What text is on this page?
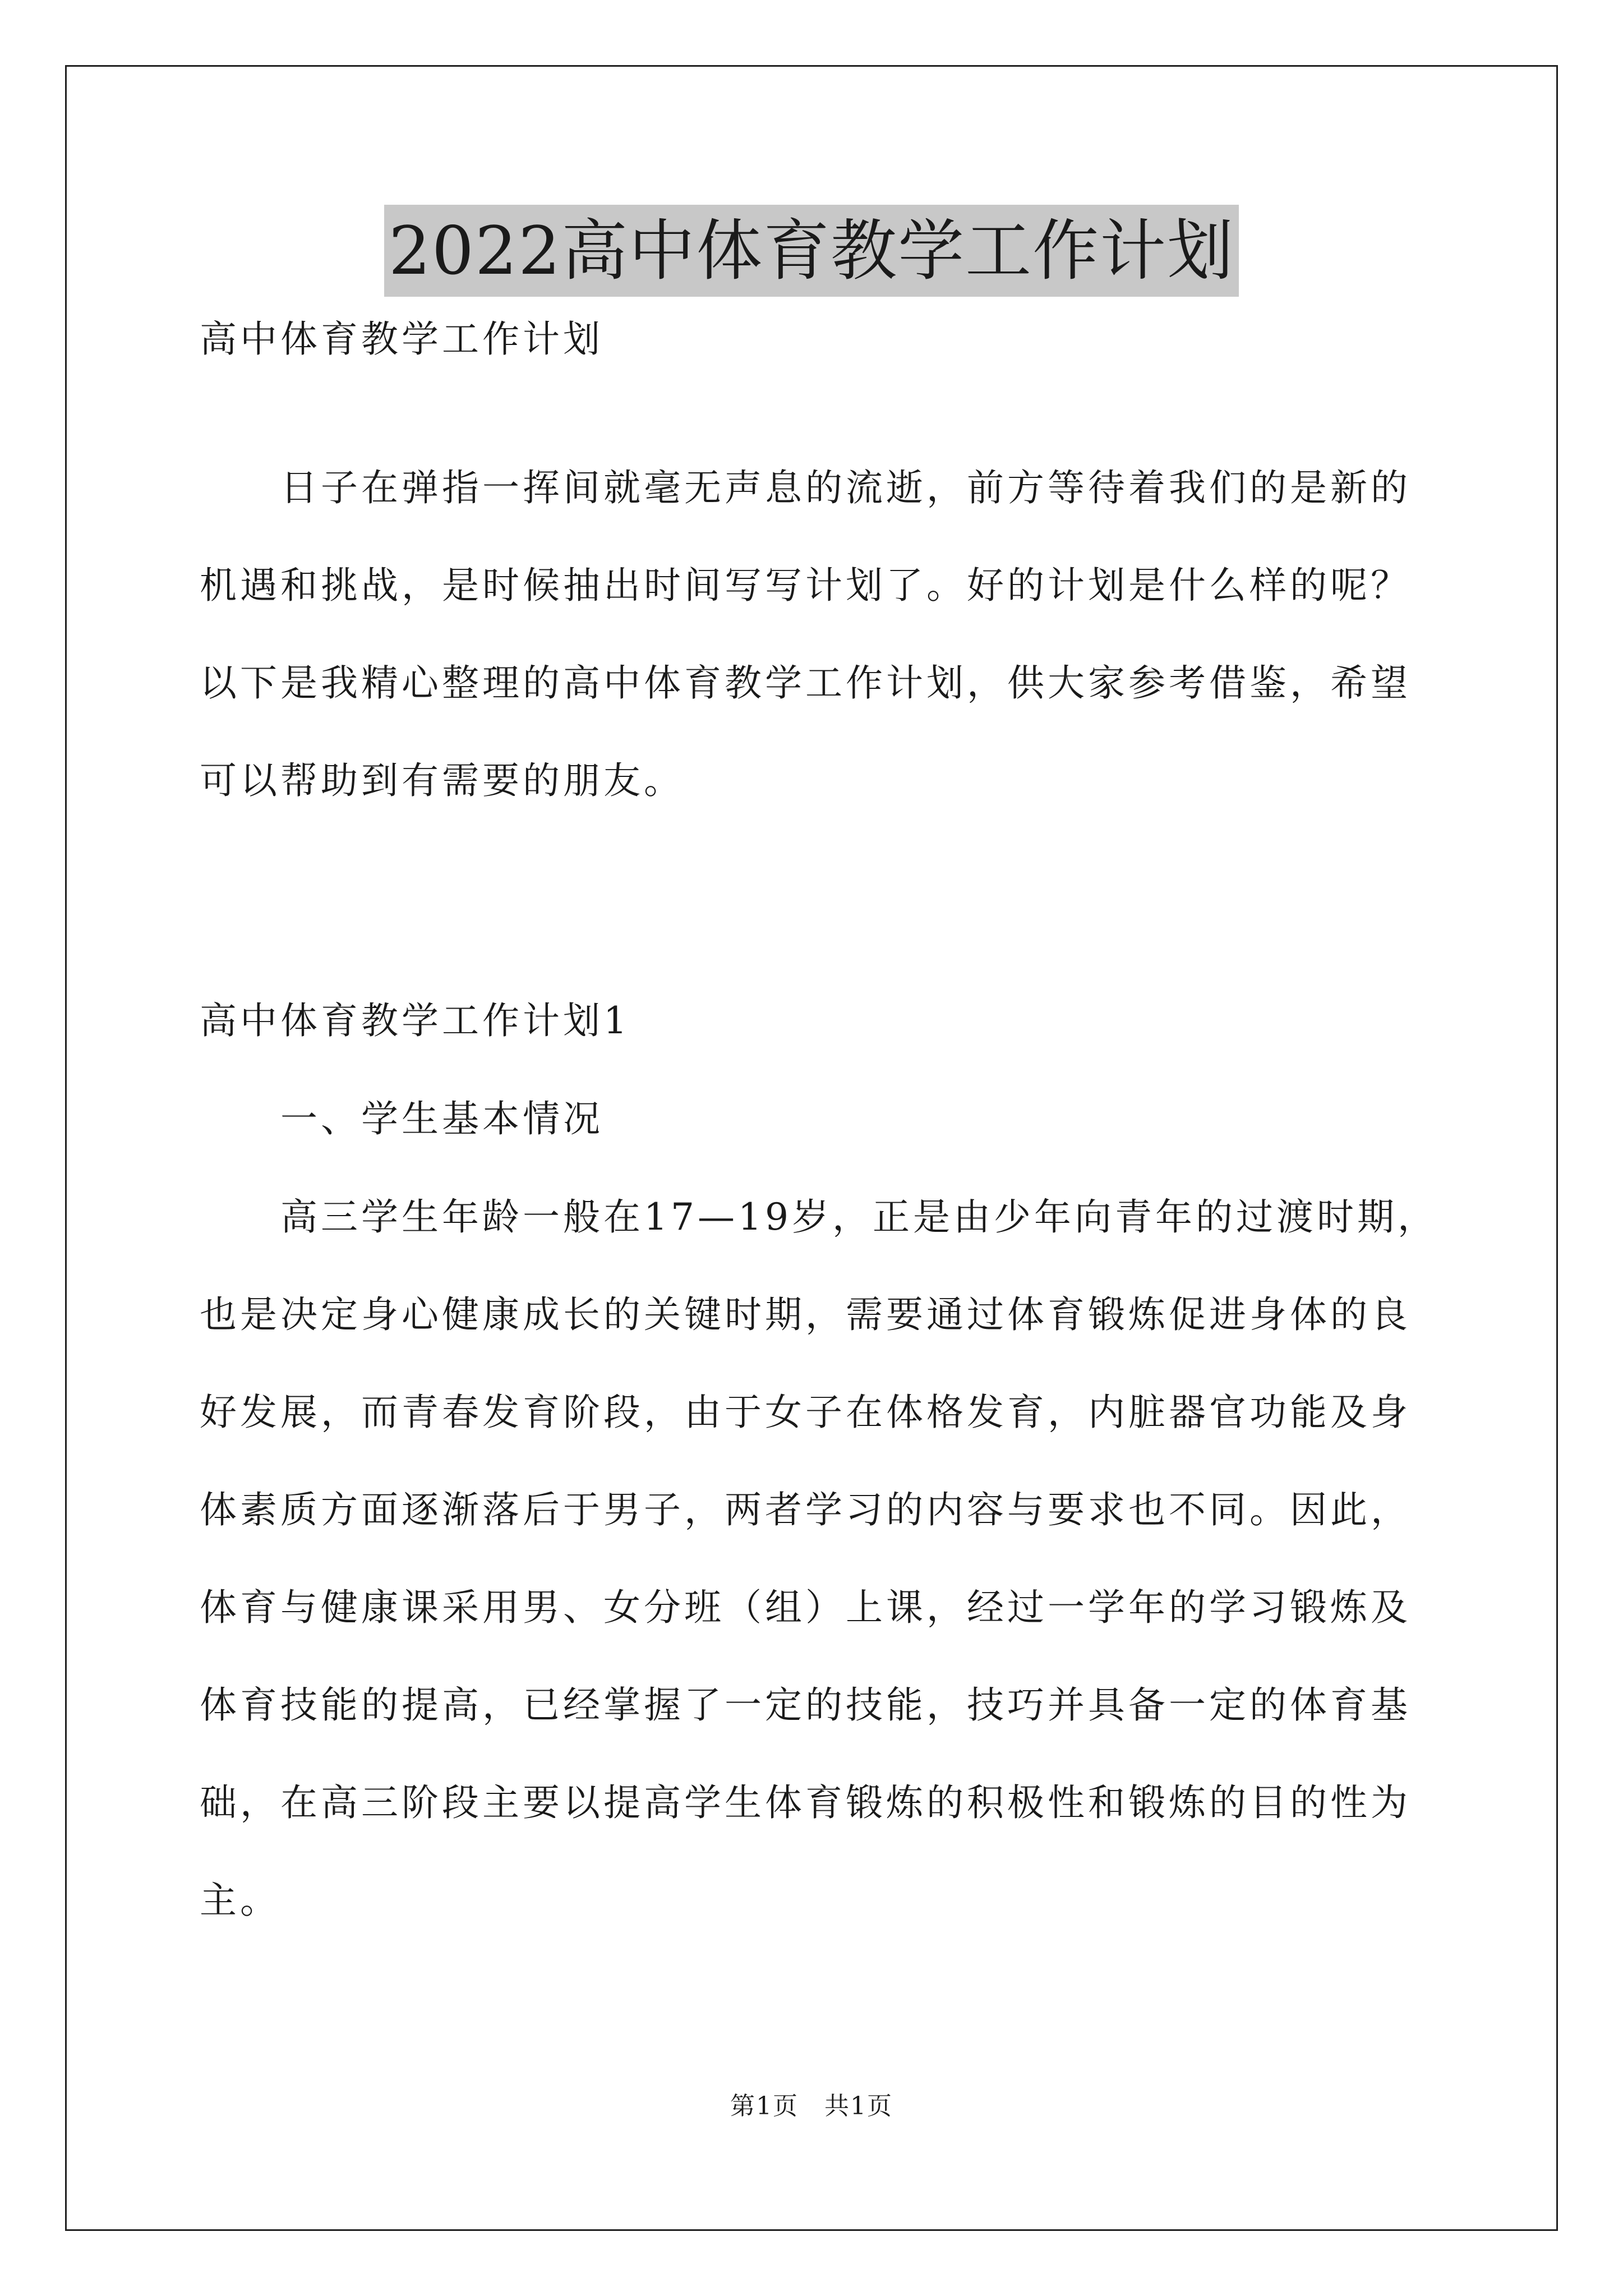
2022高中体育教学工作计划

高中体育教学工作计划

　　日子在弹指一挥间就毫无声息的流逝，前方等待着我们的是新的

机遇和挑战，是时候抽出时间写写计划了。好的计划是什么样的呢？

以下是我精心整理的高中体育教学工作计划，供大家参考借鉴，希望

可以帮助到有需要的朋友。

高中体育教学工作计划1

　　一、学生基本情况

　　高三学生年龄一般在17—19岁，正是由少年向青年的过渡时期，

也是决定身心健康成长的关键时期，需要通过体育锻炼促进身体的良

好发展，而青春发育阶段，由于女子在体格发育，内脏器官功能及身

体素质方面逐渐落后于男子，两者学习的内容与要求也不同。因此，

体育与健康课采用男、女分班（组）上课，经过一学年的学习锻炼及

体育技能的提高，已经掌握了一定的技能，技巧并具备一定的体育基

础，在高三阶段主要以提高学生体育锻炼的积极性和锻炼的目的性为

主。

第1页　共1页
